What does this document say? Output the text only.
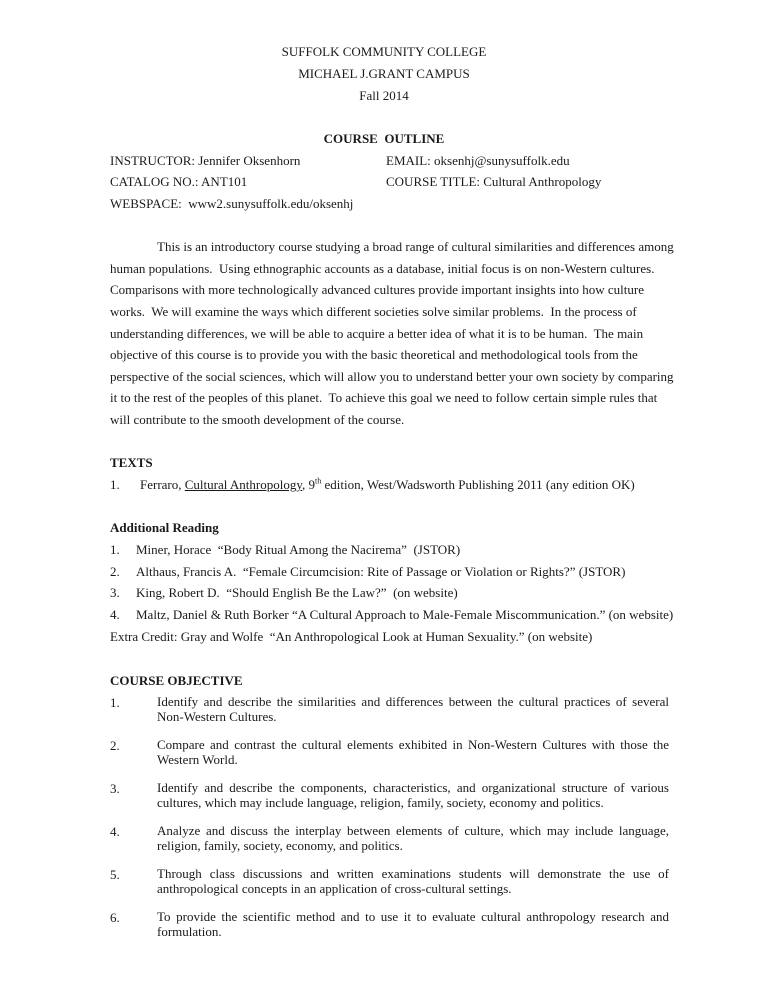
SUFFOLK COMMUNITY COLLEGE
MICHAEL J.GRANT CAMPUS
Fall 2014
COURSE  OUTLINE
INSTRUCTOR: Jennifer Oksenhorn	EMAIL: oksenhj@sunysuffolk.edu
CATALOG NO.: ANT101	COURSE TITLE: Cultural Anthropology
WEBSPACE:  www2.sunysuffolk.edu/oksenhj
This is an introductory course studying a broad range of cultural similarities and differences among
human populations.  Using ethnographic accounts as a database, initial focus is on non-Western cultures.
Comparisons with more technologically advanced cultures provide important insights into how culture
works.  We will examine the ways which different societies solve similar problems.  In the process of
understanding differences, we will be able to acquire a better idea of what it is to be human.  The main
objective of this course is to provide you with the basic theoretical and methodological tools from the
perspective of the social sciences, which will allow you to understand better your own society by comparing
it to the rest of the peoples of this planet.  To achieve this goal we need to follow certain simple rules that
will contribute to the smooth development of the course.
TEXTS
1. Ferraro, Cultural Anthropology, 9th edition, West/Wadsworth Publishing 2011 (any edition OK)
Additional Reading
1. Miner, Horace  “Body Ritual Among the Nacirema”  (JSTOR)
2. Althaus, Francis A.  “Female Circumcision: Rite of Passage or Violation or Rights?” (JSTOR)
3. King, Robert D.  “Should English Be the Law?”  (on website)
4. Maltz, Daniel & Ruth Borker “A Cultural Approach to Male-Female Miscommunication.” (on website)
Extra Credit: Gray and Wolfe  “An Anthropological Look at Human Sexuality.” (on website)
COURSE OBJECTIVE
1.	Identify and describe the similarities and differences between the cultural practices of several Non-Western Cultures.
2.	Compare and contrast the cultural elements exhibited in Non-Western Cultures with those the Western World.
3.	Identify and describe the components, characteristics, and organizational structure of various cultures, which may include language, religion, family, society, economy and politics.
4.	Analyze and discuss the interplay between elements of culture, which may include language, religion, family, society, economy, and politics.
5.	Through class discussions and written examinations students will demonstrate the use of anthropological concepts in an application of cross-cultural settings.
6.	To provide the scientific method and to use it to evaluate cultural anthropology research and formulation.
